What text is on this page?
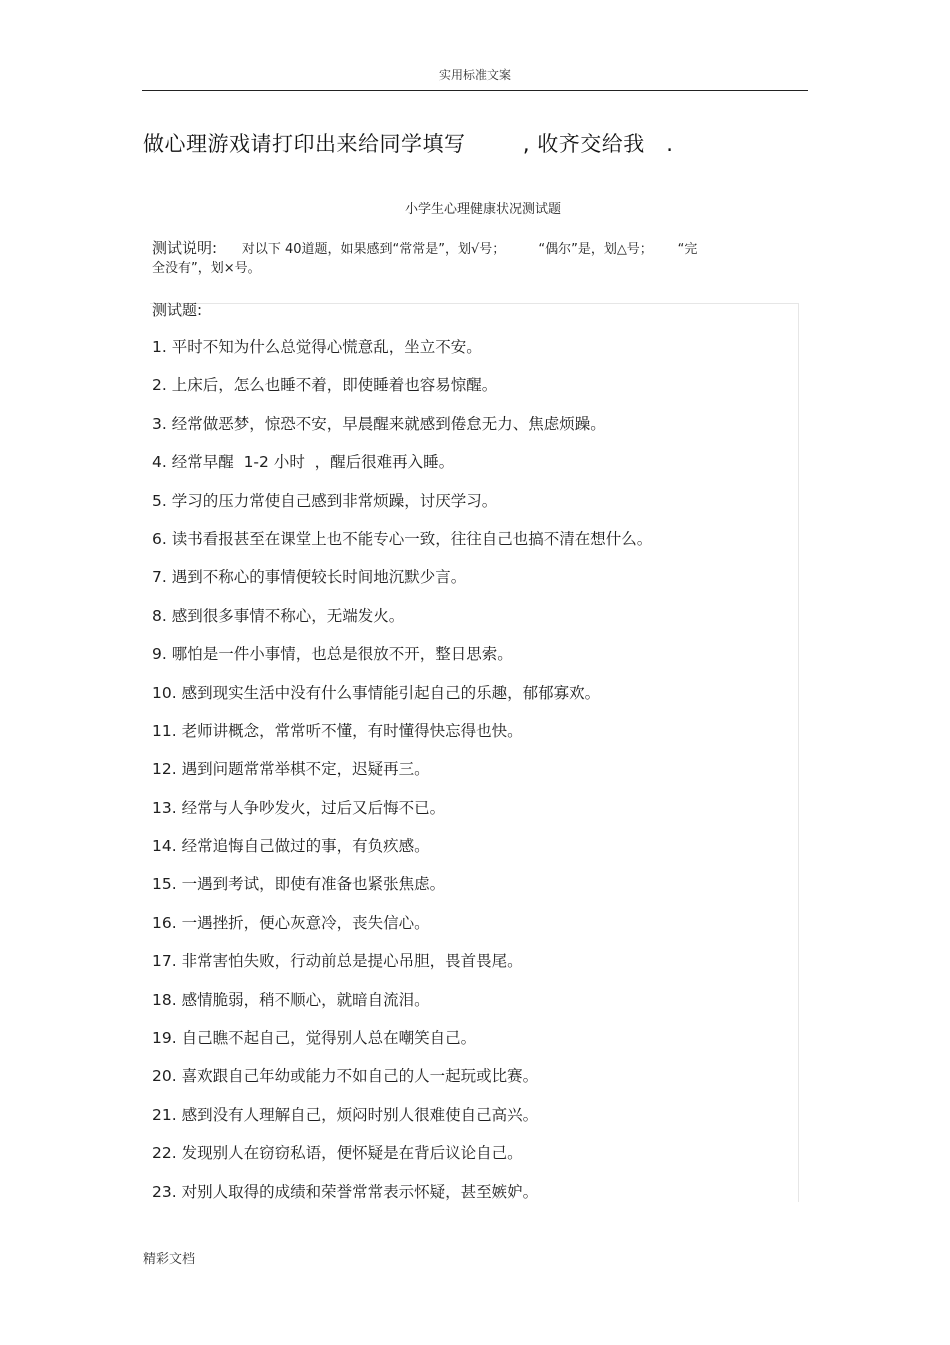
实用标准文案
做心理游戏请打印出来给同学填写        , 收齐交给我   .
小学生心理健康状况测试题
测试说明:      对以下 40道题，如果感到“常常是”，划√号；        “偶尔”是，划△号；      “完
全没有”，划×号。
测试题:
1. 平时不知为什么总觉得心慌意乱，坐立不安。
2. 上床后，怎么也睡不着，即使睡着也容易惊醒。
3. 经常做恶梦，惊恐不安，早晨醒来就感到倦怠无力、焦虑烦躁。
4. 经常早醒  1-2 小时  ，醒后很难再入睡。
5. 学习的压力常使自己感到非常烦躁，讨厌学习。
6. 读书看报甚至在课堂上也不能专心一致，往往自己也搞不清在想什么。
7. 遇到不称心的事情便较长时间地沉默少言。
8. 感到很多事情不称心，无端发火。
9. 哪怕是一件小事情，也总是很放不开，整日思索。
10. 感到现实生活中没有什么事情能引起自己的乐趣，郁郁寡欢。
11. 老师讲概念，常常听不懂，有时懂得快忘得也快。
12. 遇到问题常常举棋不定，迟疑再三。
13. 经常与人争吵发火，过后又后悔不已。
14. 经常追悔自己做过的事，有负疚感。
15. 一遇到考试，即使有准备也紧张焦虑。
16. 一遇挫折，便心灰意冷，丧失信心。
17. 非常害怕失败，行动前总是提心吊胆，畏首畏尾。
18. 感情脆弱，稍不顺心，就暗自流泪。
19. 自己瞧不起自己，觉得别人总在嘲笑自己。
20. 喜欢跟自己年幼或能力不如自己的人一起玩或比赛。
21. 感到没有人理解自己，烦闷时别人很难使自己高兴。
22. 发现别人在窃窃私语，便怀疑是在背后议论自己。
23. 对别人取得的成绩和荣誉常常表示怀疑，甚至嫉妒。
精彩文档
